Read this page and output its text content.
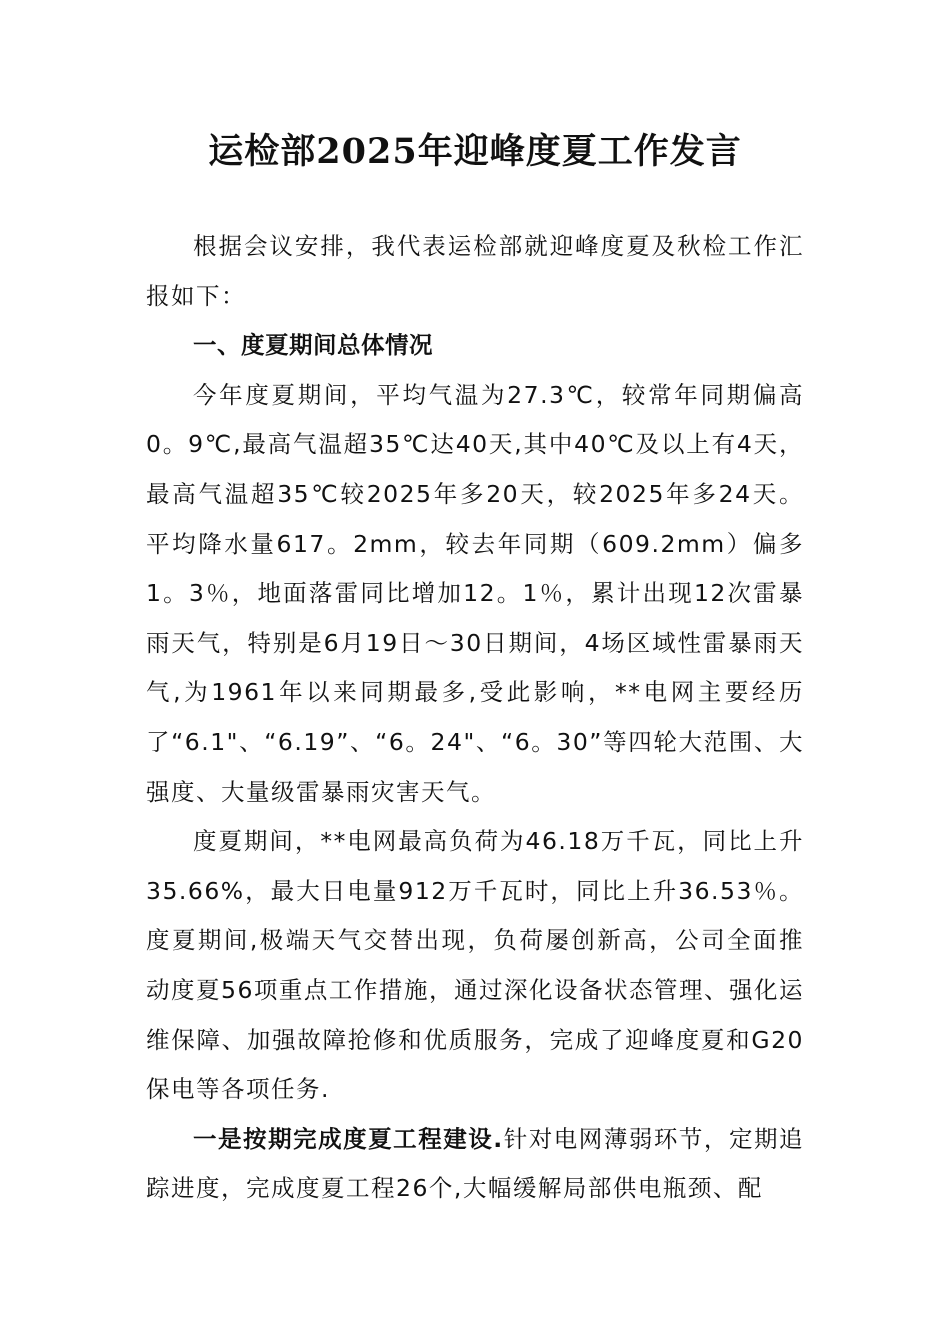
运检部2025年迎峰度夏工作发言

根据会议安排，我代表运检部就迎峰度夏及秋检工作汇报如下：

一、度夏期间总体情况

今年度夏期间，平均气温为27.3℃，较常年同期偏高0。9℃,最高气温超35℃达40天,其中40℃及以上有4天，最高气温超35℃较2025年多20天，较2025年多24天。平均降水量617。2mm，较去年同期（609.2mm）偏多1。3％，地面落雷同比增加12。1％，累计出现12次雷暴雨天气，特别是6月19日～30日期间，4场区域性雷暴雨天气,为1961年以来同期最多,受此影响，**电网主要经历了“6.1"、“6.19”、“6。24"、“6。30”等四轮大范围、大强度、大量级雷暴雨灾害天气。

度夏期间，**电网最高负荷为46.18万千瓦，同比上升35.66%，最大日电量912万千瓦时，同比上升36.53％。度夏期间,极端天气交替出现，负荷屡创新高，公司全面推动度夏56项重点工作措施，通过深化设备状态管理、强化运维保障、加强故障抢修和优质服务，完成了迎峰度夏和G20保电等各项任务.

一是按期完成度夏工程建设.针对电网薄弱环节，定期追踪进度，完成度夏工程26个,大幅缓解局部供电瓶颈、配
